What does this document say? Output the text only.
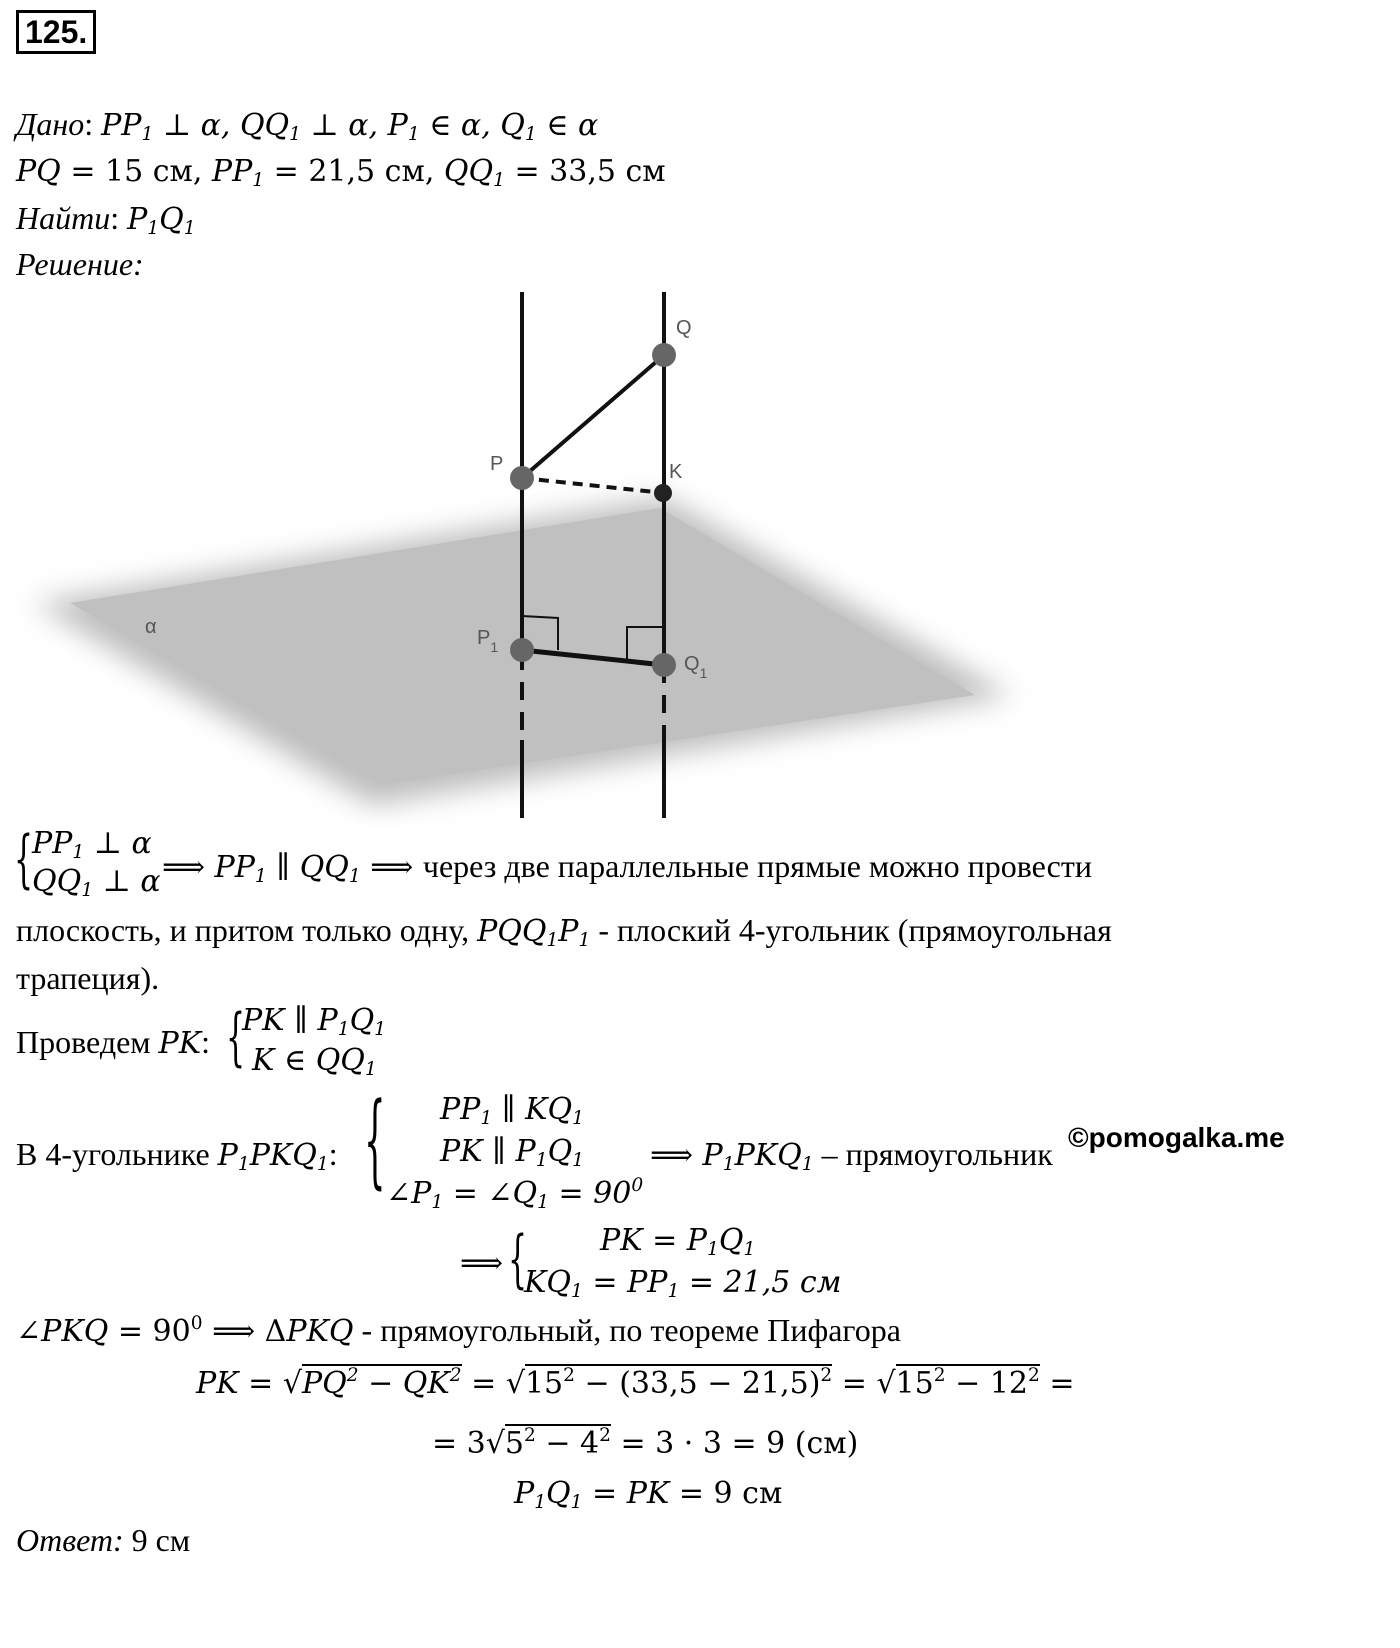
125.
Дано: $PP_1$ ⊥ α, $QQ_1$ ⊥ α, $P_1$ ∈ α, $Q_1$ ∈ α
PQ = 15 см, $PP_1 = 21,5$ см, $QQ_1 = 33,5$ см
Найти: $P_1Q_1$
Решение:
α
Q
P	K
$P_1$
$Q_1$
{
$PP_1$ ⊥ α
$QQ_1$ ⊥ α ⟹ $PP_1$ ∥ $QQ_1$ ⟹ через две параллельные прямые можно провести
плоскость, и притом только одну, $PQQ_1P_1$ - плоский 4-угольник (прямоугольная
трапеция).
Проведем PK: {
PK ∥ $P_1Q_1$
K ∈ $QQ_1$
В 4-угольнике $P_1PKQ_1$: { $PP_1$ ∥ $KQ_1$
PK ∥ $P_1Q_1$
$\angle P_1$ = $\angle Q_1 = 90^0$
⟹ $P_1PKQ_1$ – прямоугольник ©pomogalka.me
⟹ { PK = $P_1Q_1$
$KQ_1 = PP_1 = 21,5$ см
∠PKQ = $90^0$ ⟹ ΔPKQ - прямоугольный, по теореме Пифагора
PK = $√PQ^2 - QK^2 = √15^2 - (33,5 - 21,5)^2 = √15^2 - 12^2$ =
= $3√5^2 - 4^2 = 3 \cdot 3 = 9$ (см)
$P_1Q_1$ = PK = 9 см
Ответ: 9 см
